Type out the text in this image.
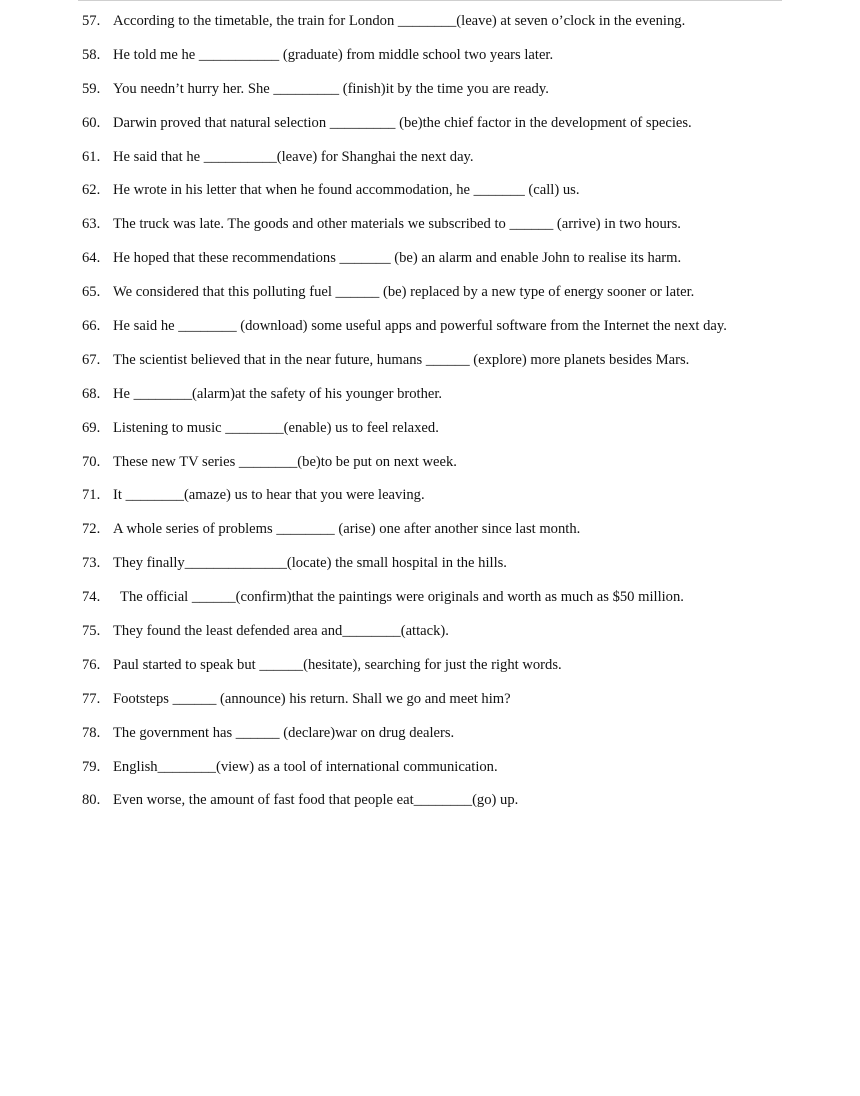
57. According to the timetable, the train for London ________(leave) at seven o’clock in the evening.
58. He told me he ___________ (graduate) from middle school two years later.
59. You needn’t hurry her. She _________ (finish)it by the time you are ready.
60. Darwin proved that natural selection _________ (be)the chief factor in the development of species.
61. He said that he __________(leave) for Shanghai the next day.
62. He wrote in his letter that when he found accommodation, he _______ (call) us.
63. The truck was late. The goods and other materials we subscribed to ______ (arrive) in two hours.
64. He hoped that these recommendations _______ (be) an alarm and enable John to realise its harm.
65. We considered that this polluting fuel ______ (be) replaced by a new type of energy sooner or later.
66. He said he ________ (download) some useful apps and powerful software from the Internet the next day.
67. The scientist believed that in the near future, humans ______ (explore) more planets besides Mars.
68. He ________(alarm)at the safety of his younger brother.
69. Listening to music ________(enable) us to feel relaxed.
70. These new TV series ________(be)to be put on next week.
71. It ________(amaze) us to hear that you were leaving.
72. A whole series of problems ________ (arise) one after another since last month.
73. They finally______________(locate) the small hospital in the hills.
74. The official ______(confirm)that the paintings were originals and worth as much as $50 million.
75. They found the least defended area and________(attack).
76. Paul started to speak but ______(hesitate), searching for just the right words.
77. Footsteps ______ (announce) his return. Shall we go and meet him?
78. The government has ______ (declare)war on drug dealers.
79. English________(view) as a tool of international communication.
80. Even worse, the amount of fast food that people eat________(go) up.
